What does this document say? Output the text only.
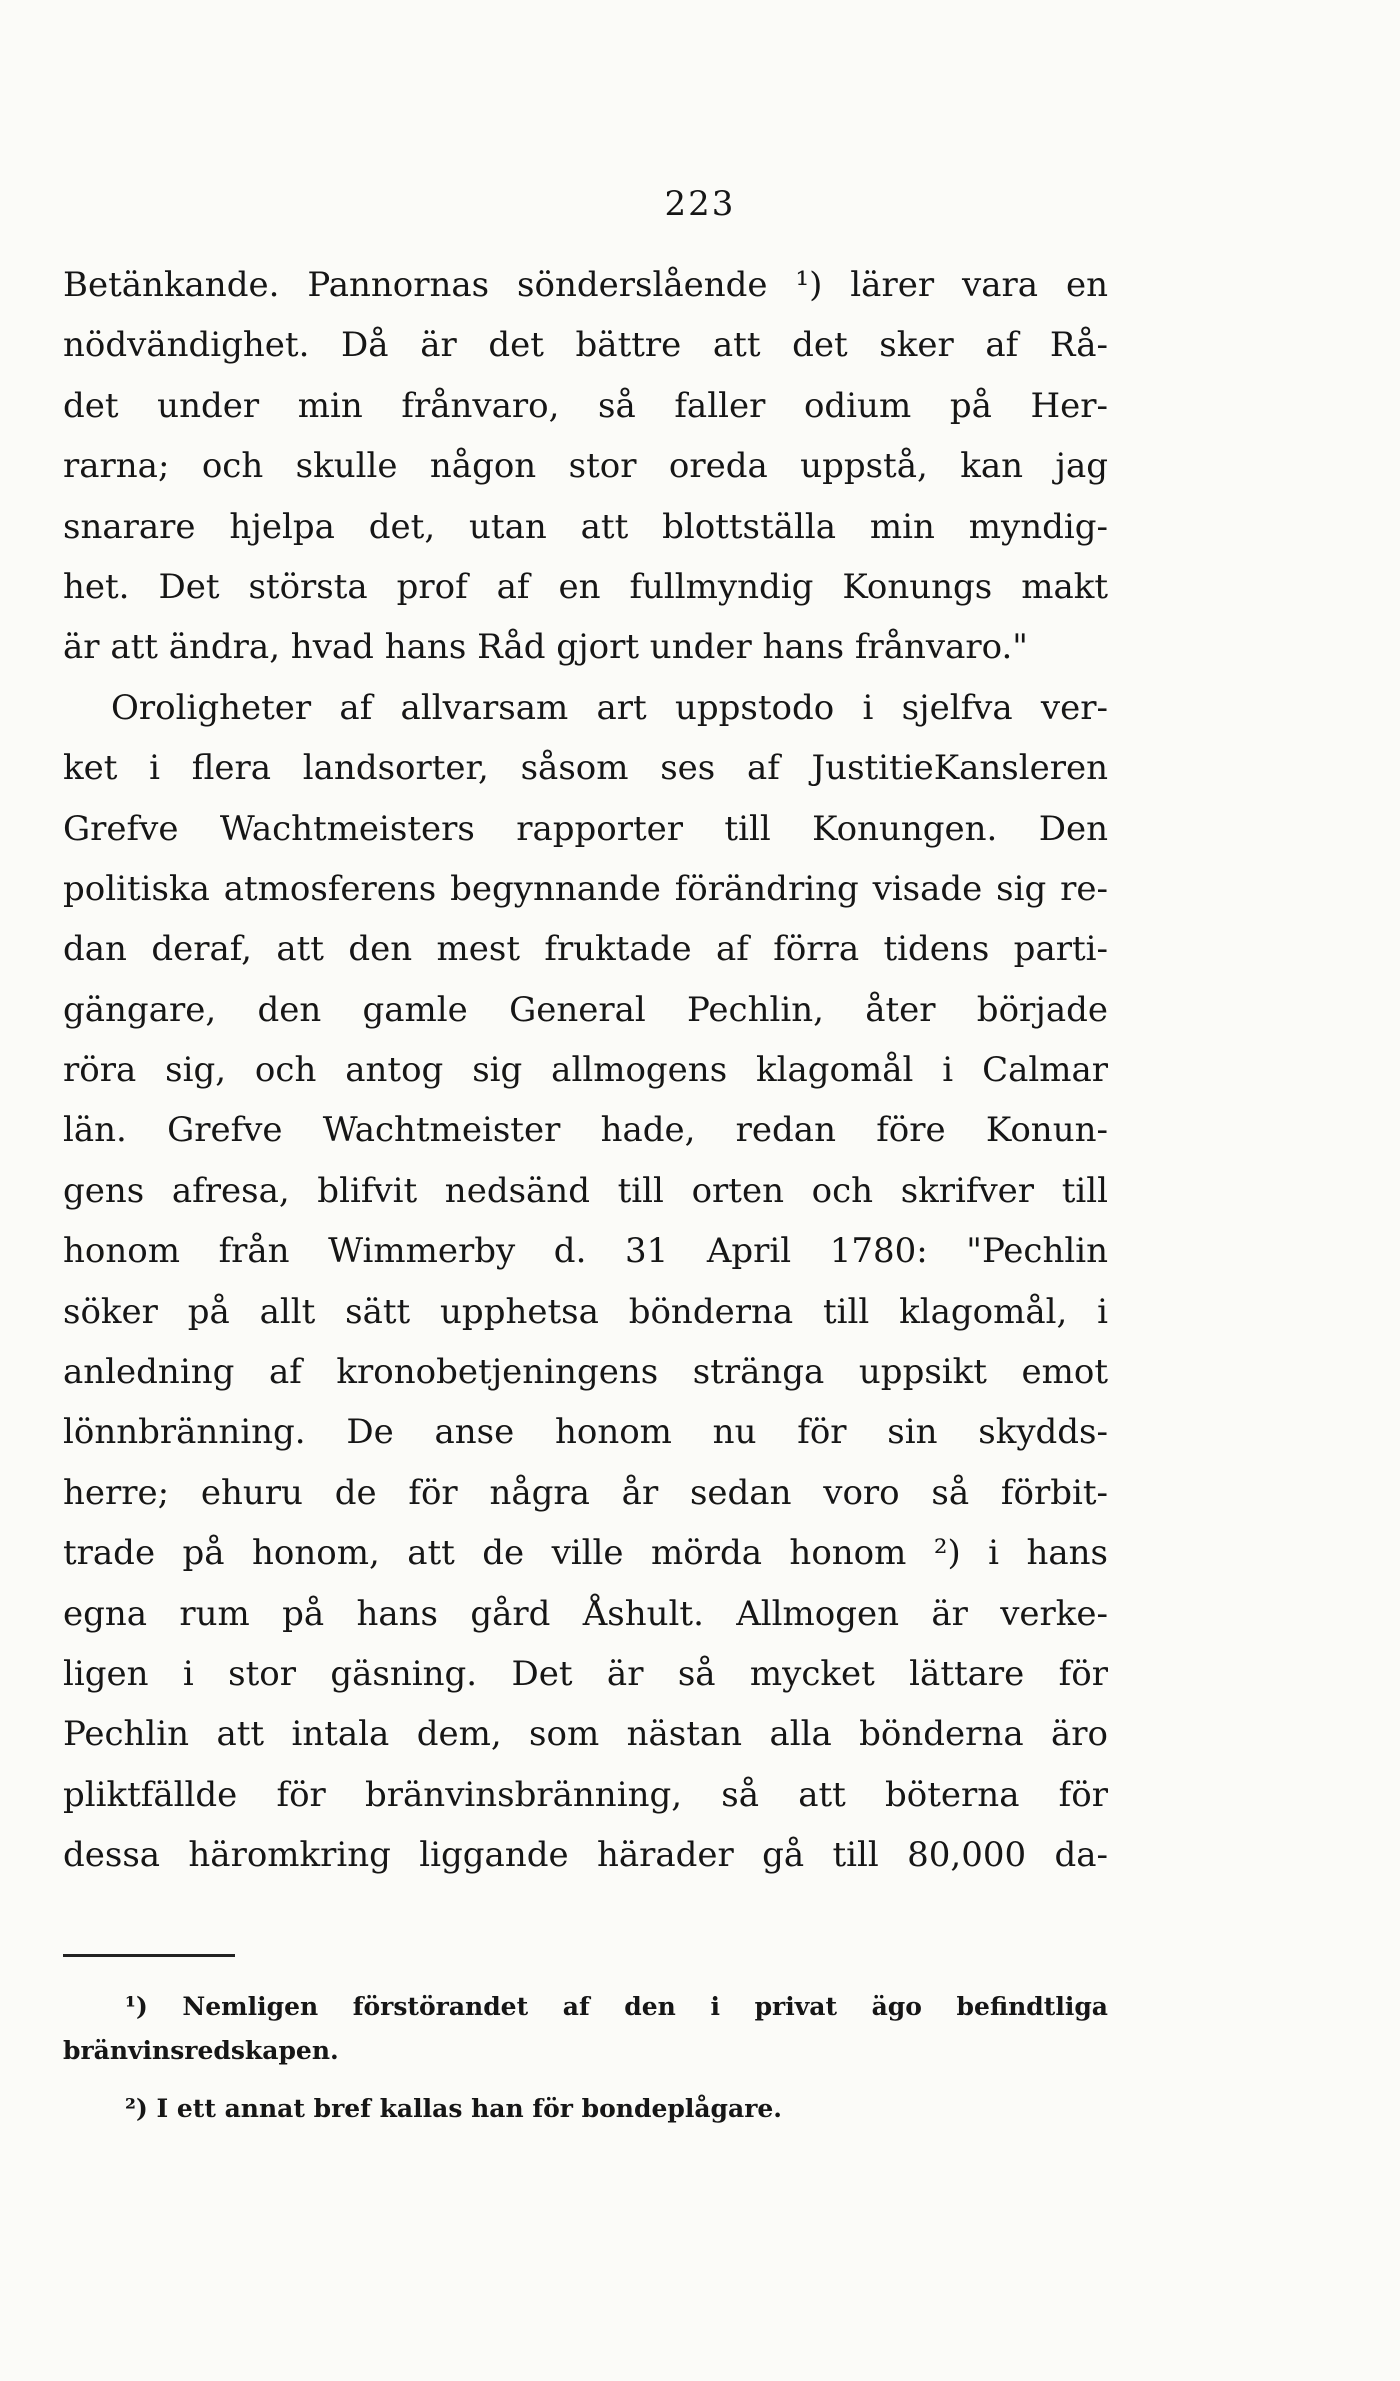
223
Betänkande. Pannornas sönderslående ¹) lärer vara en
nödvändighet. Då är det bättre att det sker af Rå-
det under min frånvaro, så faller odium på Her-
rarna; och skulle någon stor oreda uppstå, kan jag
snarare hjelpa det, utan att blottställa min myndig-
het. Det största prof af en fullmyndig Konungs makt
är att ändra, hvad hans Råd gjort under hans frånvaro."
Oroligheter af allvarsam art uppstodo i sjelfva ver-
ket i flera landsorter, såsom ses af JustitieKansleren
Grefve Wachtmeisters rapporter till Konungen. Den
politiska atmosferens begynnande förändring visade sig re-
dan deraf, att den mest fruktade af förra tidens parti-
gängare, den gamle General Pechlin, åter började
röra sig, och antog sig allmogens klagomål i Calmar
län. Grefve Wachtmeister hade, redan före Konun-
gens afresa, blifvit nedsänd till orten och skrifver till
honom från Wimmerby d. 31 April 1780: "Pechlin
söker på allt sätt upphetsa bönderna till klagomål, i
anledning af kronobetjeningens stränga uppsikt emot
lönnbränning. De anse honom nu för sin skydds-
herre; ehuru de för några år sedan voro så förbit-
trade på honom, att de ville mörda honom ²) i hans
egna rum på hans gård Åshult. Allmogen är verke-
ligen i stor gäsning. Det är så mycket lättare för
Pechlin att intala dem, som nästan alla bönderna äro
pliktfällde för bränvinsbränning, så att böterna för
dessa häromkring liggande härader gå till 80,000 da-
¹) Nemligen förstörandet af den i privat ägo befindtliga
bränvinsredskapen.
²) I ett annat bref kallas han för bondeplågare.
